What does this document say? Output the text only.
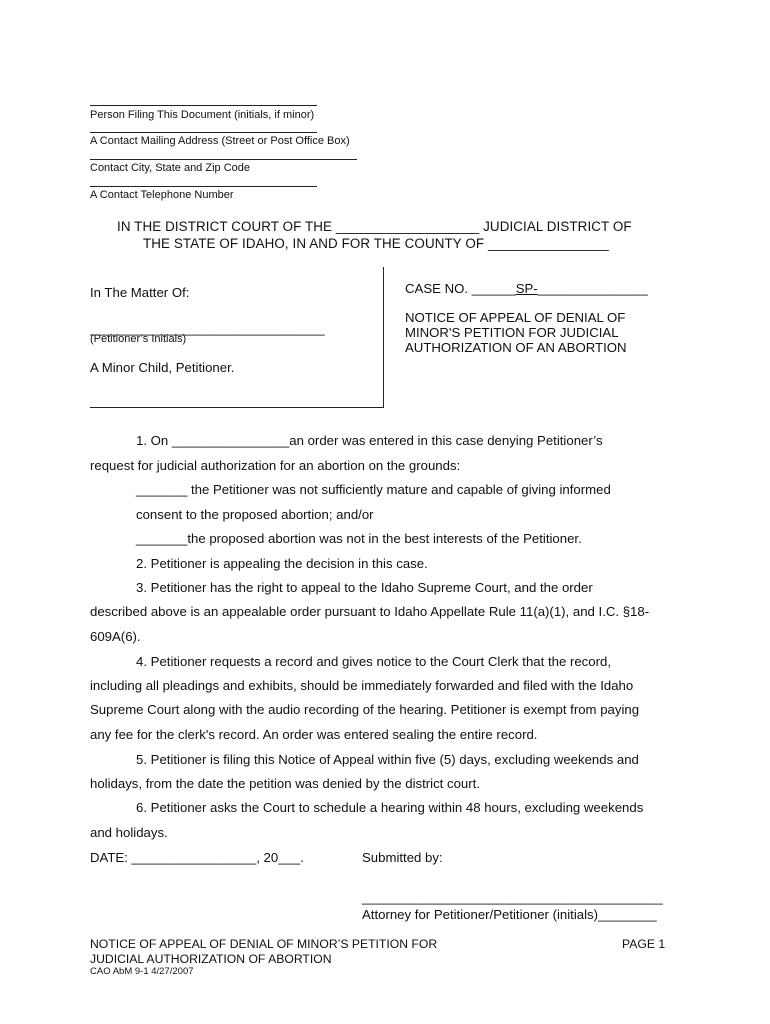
Person Filing This Document (initials, if minor)
A Contact Mailing Address (Street or Post Office Box)
Contact City, State and Zip Code
A Contact Telephone Number
IN THE DISTRICT COURT OF THE ___________________ JUDICIAL DISTRICT OF
THE STATE OF IDAHO, IN AND FOR THE COUNTY OF ________________
In The Matter Of:
________________________________
(Petitioner’s Initials)
A Minor Child, Petitioner.
CASE NO. ______SP-_______________
NOTICE OF APPEAL OF DENIAL OF
MINOR'S PETITION FOR JUDICIAL
AUTHORIZATION OF AN ABORTION
1. On ________________an order was entered in this case denying Petitioner’s
request for judicial authorization for an abortion on the grounds:
_______ the Petitioner was not sufficiently mature and capable of giving informed
consent to the proposed abortion; and/or
_______the proposed abortion was not in the best interests of the Petitioner.
2. Petitioner is appealing the decision in this case.
3. Petitioner has the right to appeal to the Idaho Supreme Court, and the order
described above is an appealable order pursuant to Idaho Appellate Rule 11(a)(1), and I.C. §18-
609A(6).
4. Petitioner requests a record and gives notice to the Court Clerk that the record,
including all pleadings and exhibits, should be immediately forwarded and filed with the Idaho
Supreme Court along with the audio recording of the hearing. Petitioner is exempt from paying
any fee for the clerk's record. An order was entered sealing the entire record.
5. Petitioner is filing this Notice of Appeal within five (5) days, excluding weekends and
holidays, from the date the petition was denied by the district court.
6. Petitioner asks the Court to schedule a hearing within 48 hours, excluding weekends
and holidays.
DATE: _________________, 20___.	Submitted by:
_________________________________________
Attorney for Petitioner/Petitioner (initials)________
NOTICE OF APPEAL OF DENIAL OF MINOR’S PETITION FOR
JUDICIAL AUTHORIZATION OF ABORTION
PAGE 1
CAO AbM 9-1 4/27/2007
